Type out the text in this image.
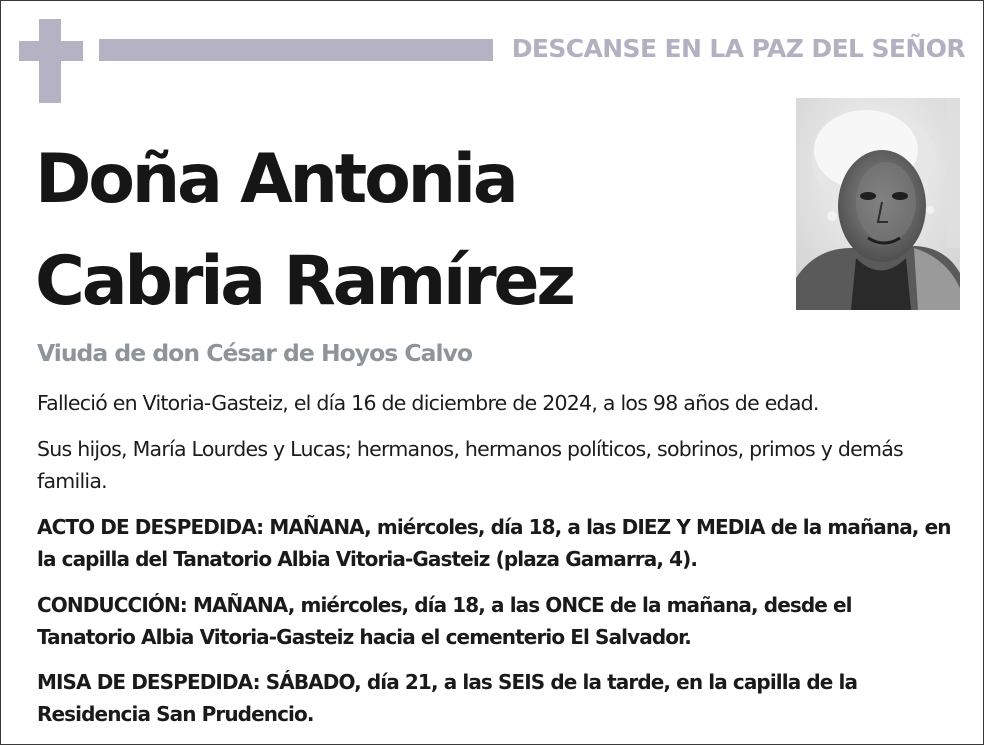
DESCANSE EN LA PAZ DEL SEÑOR
Doña Antonia
Cabria Ramírez
Viuda de don César de Hoyos Calvo

Falleció en Vitoria-Gasteiz, el día 16 de diciembre de 2024, a los 98 años de edad.

Sus hijos, María Lourdes y Lucas; hermanos, hermanos políticos, sobrinos, primos y demás familia.

ACTO DE DESPEDIDA: MAÑANA, miércoles, día 18, a las DIEZ Y MEDIA de la mañana, en la capilla del Tanatorio Albia Vitoria-Gasteiz (plaza Gamarra, 4).

CONDUCCIÓN: MAÑANA, miércoles, día 18, a las ONCE de la mañana, desde el Tanatorio Albia Vitoria-Gasteiz hacia el cementerio El Salvador.

MISA DE DESPEDIDA: SÁBADO, día 21, a las SEIS de la tarde, en la capilla de la Residencia San Prudencio.
